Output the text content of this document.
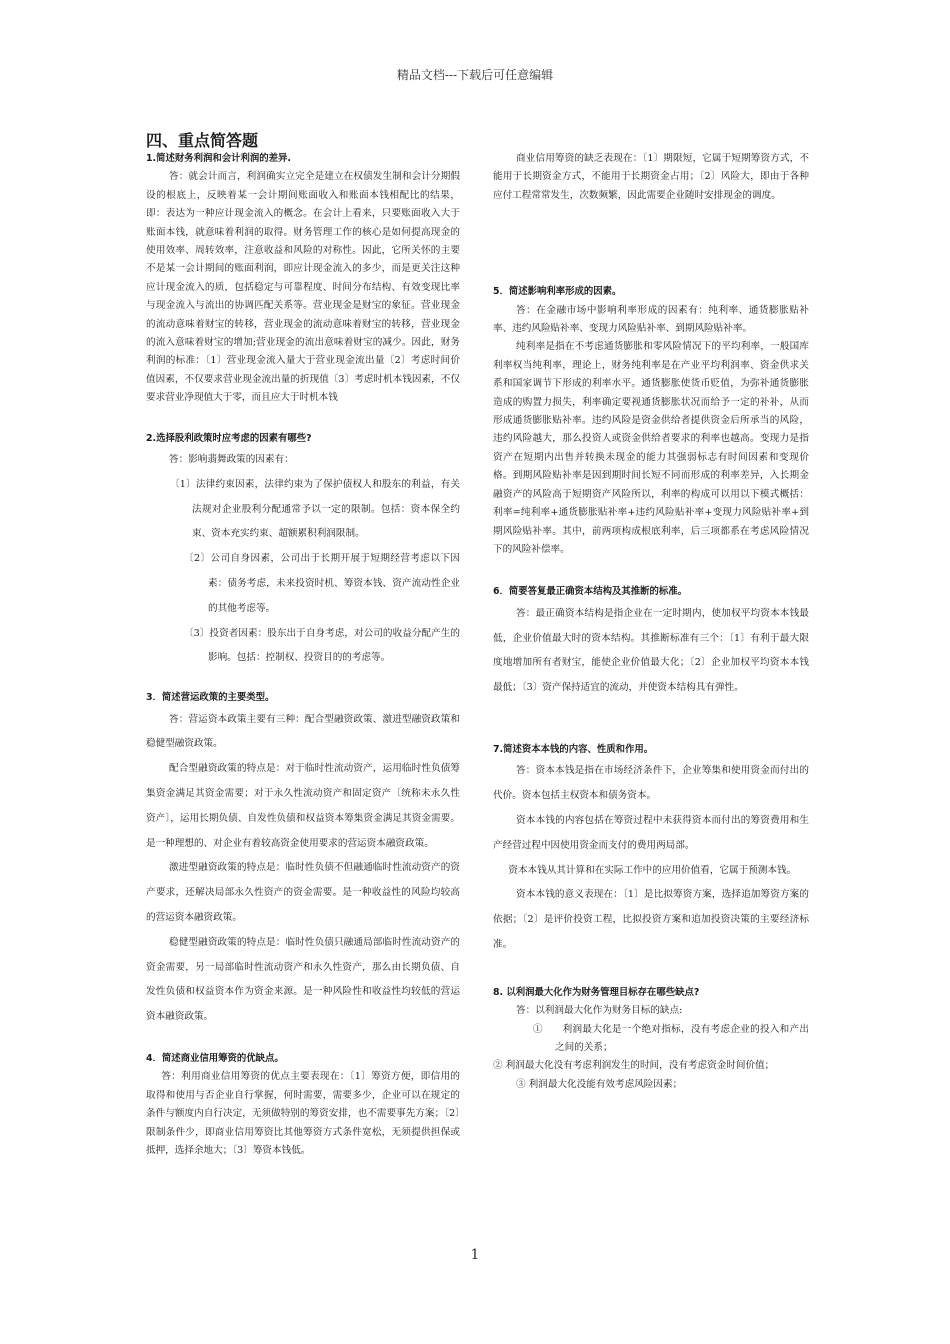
精品文档---下载后可任意编辑
四、重点简答题

1.简述财务利润和会计利润的差异.

答：就会计而言，利润确实立完全是建立在权债发生制和会计分期假设的根底上，反映着某一会计期间账面收入和账面本钱相配比的结果，即：表达为一种应计现金流入的概念。在会计上看来，只要账面收入大于账面本钱，就意味着利润的取得。财务管理工作的核心是如何提高现金的使用效率、周转效率，注意收益和风险的对称性。因此，它所关怀的主要不是某一会计期间的账面利润，即应计现金流入的多少，而是更关注这种应计现金流入的质，包括稳定与可靠程度、时间分布结构、有效变现比率与现金流入与流出的协调匹配关系等。营业现金是财宝的象征。营业现金的流动意味着财宝的转移，营业现金的流动意味着财宝的转移，营业现金的流入意味着财宝的增加;营业现金的流出意味着财宝的减少。因此，财务利润的标准：〔1〕营业现金流入量大于营业现金流出量〔2〕考虑时间价值因素，不仅要求营业现金流出量的折现值〔3〕考虑时机本钱因素，不仅要求营业净现值大于零，而且应大于时机本钱

2.选择股利政策时应考虑的因素有哪些?

答：影响翡舞政策的因素有：

〔1〕法律约束因素，法律约束为了保护债权人和股东的利益，有关法规对企业股利分配通常予以一定的限制。包括：资本保全约束、资本充实约束、超额累积利润限制。

〔2〕公司自身因素，公司出于长期开展于短期经营考虑以下因素：债务考虑，未来投资时机、筹资本钱、资产流动性企业的其他考虑等。

〔3〕投资者因素：股东出于自身考虑，对公司的收益分配产生的影响。包括：控制权、投资目的的考虑等。

3．简述营运政策的主要类型。

答：营运资本政策主要有三种：配合型融资政策、激进型融资政策和稳健型融资政策。

配合型融资政策的特点是：对于临时性流动资产，运用临时性负债筹集资金满足其资金需要；对于永久性流动资产和固定资产〔统称未永久性资产〕，运用长期负债、自发性负债和权益资本筹集资金满足其资金需要。是一种理想的、对企业有着较高资金使用要求的营运资本融资政策。

激进型融资政策的特点是：临时性负债不但融通临时性流动资产的资产要求，还解决局部永久性资产的资金需要。是一种收益性的风险均较高的营运资本融资政策。

稳健型融资政策的特点是：临时性负债只融通局部临时性流动资产的资金需要，另一局部临时性流动资产和永久性资产，那么由长期负债、自发性负债和权益资本作为资金来源。是一种风险性和收益性均较低的营运资本融资政策。

4．简述商业信用筹资的优缺点。

答：利用商业信用筹资的优点主要表现在：〔1〕筹资方便，即信用的取得和使用与否企业自行掌握，何时需要，需要多少，企业可以在规定的条件与额度内自行决定，无须做特别的筹资安排，也不需要事先方案；〔2〕限制条件少，即商业信用筹资比其他筹资方式条件宽松，无须提供担保或抵押，选择余地大；〔3〕筹资本钱低。

商业信用筹资的缺乏表现在：〔1〕期限短，它属于短期筹资方式，不能用于长期资金方式，不能用于长期资金占用；〔2〕风险大，即由于各种应付工程常常发生，次数频繁，因此需要企业随时安排现金的调度。

5．简述影响利率形成的因素。

答：在金融市场中影响利率形成的因素有：纯利率、通货膨胀贴补率、违约风险贴补率、变现力风险贴补率、到期风险贴补率。

纯利率是指在不考虑通货膨胀和零风险情况下的平均利率，一般国库利率权当纯利率，理论上，财务纯利率是在产业平均利润率、资金供求关系和国家调节下形成的利率水平。通货膨胀使货币贬值，为弥补通货膨胀造成的购置力损失，利率确定要视通货膨胀状况而给予一定的补补，从而形成通货膨胀贴补率。违约风险是资金供给者提供资金后所承当的风险，违约风险越大，那么投资人或资金供给者要求的利率也越高。变现力是指资产在短期内出售并转换未现金的能力其强弱标志有时间因素和变现价格。到期风险贴补率是因到期时间长短不同而形成的利率差异，入长期金融资产的风险高于短期资产风险所以，利率的构成可以用以下模式概括：利率=纯利率+通货膨胀贴补率+违约风险贴补率+变现力风险贴补率+到期风险贴补率。其中，前两项构成根底利率，后三项都系在考虑风险情况下的风险补偿率。

6．简要答复最正确资本结构及其推断的标准。

答：最正确资本结构是指企业在一定时期内，使加权平均资本本钱最低，企业价值最大时的资本结构。其推断标准有三个：〔1〕有利于最大限度地增加所有者财宝，能使企业价值最大化；〔2〕企业加权平均资本本钱最低；〔3〕资产保持适宜的流动，并使资本结构具有弹性。

7.简述资本本钱的内容、性质和作用。

答：资本本钱是指在市场经济条件下，企业筹集和使用资金而付出的代价。资本包括主权资本和债务资本。

资本本钱的内容包括在筹资过程中未获得资本而付出的筹资费用和生产经营过程中因使用资金而支付的费用两局部。

资本本钱从其计算和在实际工作中的应用价值看，它属于预测本钱。

资本本钱的意义表现在：〔1〕是比拟筹资方案，选择追加筹资方案的依据；〔2〕是评价投资工程，比拟投资方案和追加投资决策的主要经济标准。

8. 以利润最大化作为财务管理目标存在哪些缺点?

答：以利润最大化作为财务目标的缺点:

①　　利润最大化是一个绝对指标，没有考虑企业的投入和产出之间的关系；

② 利润最大化没有考虑利润发生的时间，没有考虑资金时间价值；

③ 利润最大化没能有效考虑风险因素；

1
